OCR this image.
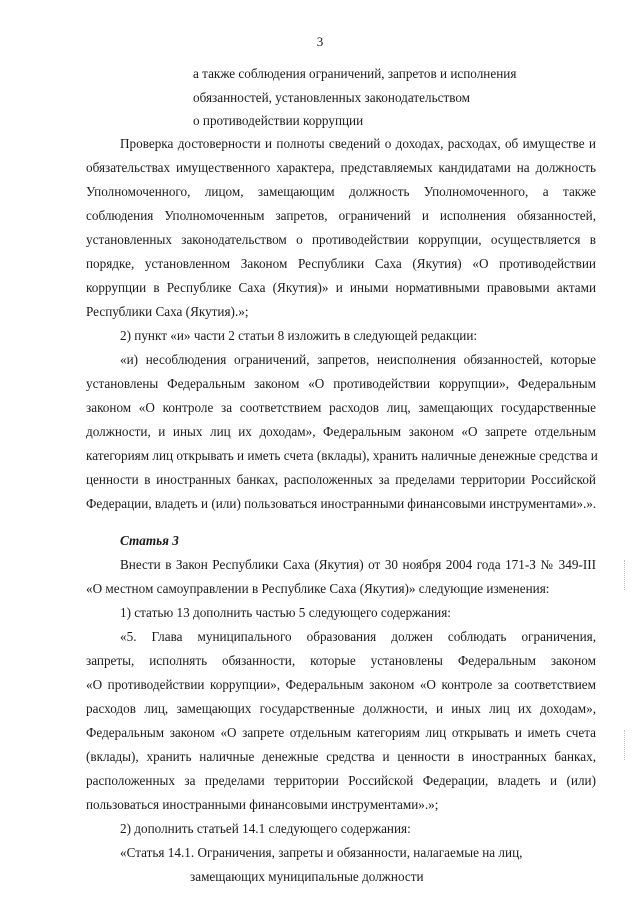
3
а также соблюдения ограничений, запретов и исполнения
обязанностей, установленных законодательством
о противодействии коррупции
Проверка достоверности и полноты сведений о доходах, расходах, об имуществе и
обязательствах имущественного характера, представляемых кандидатами на должность
Уполномоченного, лицом, замещающим должность Уполномоченного, а также
соблюдения Уполномоченным запретов, ограничений и исполнения обязанностей,
установленных законодательством о противодействии коррупции, осуществляется в
порядке, установленном Законом Республики Саха (Якутия) «О противодействии
коррупции в Республике Саха (Якутия)» и иными нормативными правовыми актами
Республики Саха (Якутия).»;
2) пункт «и» части 2 статьи 8 изложить в следующей редакции:
«и) несоблюдения ограничений, запретов, неисполнения обязанностей, которые
установлены Федеральным законом «О противодействии коррупции», Федеральным
законом «О контроле за соответствием расходов лиц, замещающих государственные
должности, и иных лиц их доходам», Федеральным законом «О запрете отдельным
категориям лиц открывать и иметь счета (вклады), хранить наличные денежные средства и
ценности в иностранных банках, расположенных за пределами территории Российской
Федерации, владеть и (или) пользоваться иностранными финансовыми инструментами».».
Статья 3
Внести в Закон Республики Саха (Якутия) от 30 ноября 2004 года 171-З № 349-III
«О местном самоуправлении в Республике Саха (Якутия)» следующие изменения:
1) статью 13 дополнить частью 5 следующего содержания:
«5. Глава муниципального образования должен соблюдать ограничения,
запреты, исполнять обязанности, которые установлены Федеральным законом
«О противодействии коррупции», Федеральным законом «О контроле за соответствием
расходов лиц, замещающих государственные должности, и иных лиц их доходам»,
Федеральным законом «О запрете отдельным категориям лиц открывать и иметь счета
(вклады), хранить наличные денежные средства и ценности в иностранных банках,
расположенных за пределами территории Российской Федерации, владеть и (или)
пользоваться иностранными финансовыми инструментами».»;
2) дополнить статьей 14.1 следующего содержания:
«Статья 14.1. Ограничения, запреты и обязанности, налагаемые на лиц,
замещающих муниципальные должности
